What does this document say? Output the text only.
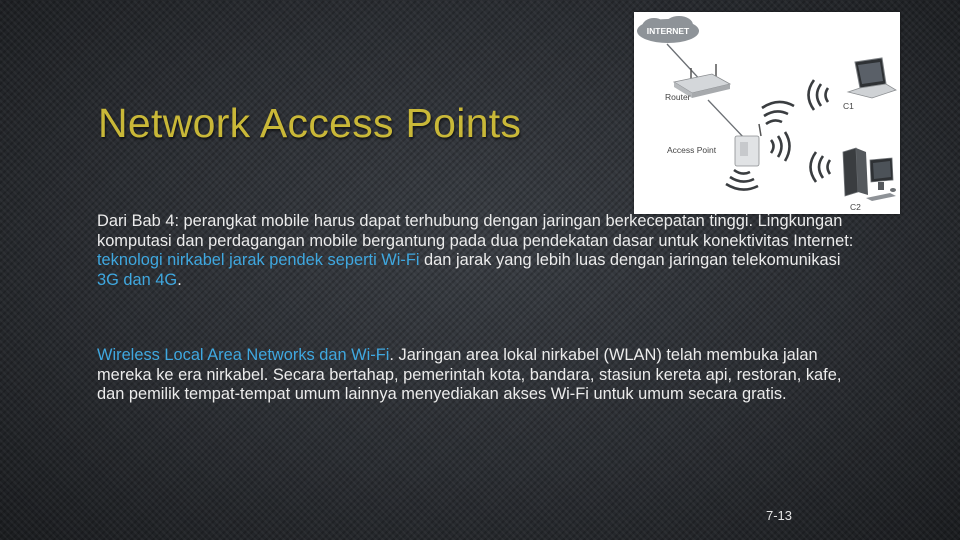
Network Access Points
INTERNET
Router
Access Point
C1
C2

Dari Bab 4: perangkat mobile harus dapat terhubung dengan jaringan berkecepatan tinggi. Lingkungan komputasi dan perdagangan mobile bergantung pada dua pendekatan dasar untuk konektivitas Internet: teknologi nirkabel jarak pendek seperti Wi-Fi dan jarak yang lebih luas dengan jaringan telekomunikasi 3G dan 4G.

Wireless Local Area Networks dan Wi-Fi. Jaringan area lokal nirkabel (WLAN) telah membuka jalan mereka ke era nirkabel. Secara bertahap, pemerintah kota, bandara, stasiun kereta api, restoran, kafe, dan pemilik tempat-tempat umum lainnya menyediakan akses Wi-Fi untuk umum secara gratis.

7-13
